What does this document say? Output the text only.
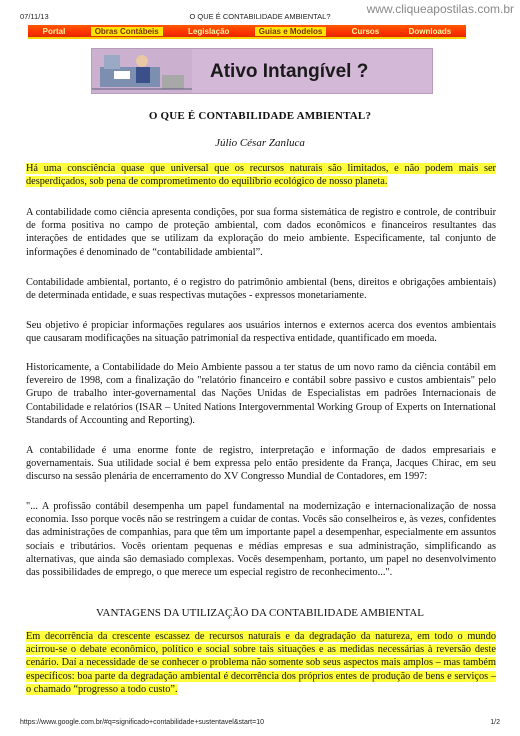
07/11/13	O QUE É CONTABILIDADE AMBIENTAL?
www.cliqueapostilas.com.br
Portal	Obras Contábeis	Legislação	Guias e Modelos	Cursos	Downloads
Ativo Intangível ?
O QUE É CONTABILIDADE AMBIENTAL?
Júlio César Zanluca

Há uma consciência quase que universal que os recursos naturais são limitados, e não podem mais ser desperdiçados, sob pena de comprometimento do equilíbrio ecológico de nosso planeta.

A contabilidade como ciência apresenta condições, por sua forma sistemática de registro e controle, de contribuir de forma positiva no campo de proteção ambiental, com dados econômicos e financeiros resultantes das interações de entidades que se utilizam da exploração do meio ambiente. Especificamente, tal conjunto de informações é denominado de “contabilidade ambiental”.

Contabilidade ambiental, portanto, é o registro do patrimônio ambiental (bens, direitos e obrigações ambientais) de determinada entidade, e suas respectivas mutações - expressos monetariamente.

Seu objetivo é propiciar informações regulares aos usuários internos e externos acerca dos eventos ambientais que causaram modificações na situação patrimonial da respectiva entidade, quantificado em moeda.

Historicamente, a Contabilidade do Meio Ambiente passou a ter status de um novo ramo da ciência contábil em fevereiro de 1998, com a finalização do "relatório financeiro e contábil sobre passivo e custos ambientais" pelo Grupo de trabalho inter-governamental das Nações Unidas de Especialistas em padrões Internacionais de Contabilidade e relatórios (ISAR – United Nations Intergovernmental Working Group of Experts on International Standards of Accounting and Reporting).

A contabilidade é uma enorme fonte de registro, interpretação e informação de dados empresariais e governamentais. Sua utilidade social é bem expressa pelo então presidente da França, Jacques Chirac, em seu discurso na sessão plenária de encerramento do XV Congresso Mundial de Contadores, em 1997:

"... A profissão contábil desempenha um papel fundamental na modernização e internacionalização de nossa economia. Isso porque vocês não se restringem a cuidar de contas. Vocês são conselheiros e, às vezes, confidentes das administrações de companhias, para que têm um importante papel a desempenhar, especialmente em assuntos sociais e tributários. Vocês orientam pequenas e médias empresas e sua administração, simplificando as alternativas, que ainda são demasiado complexas. Vocês desempenham, portanto, um papel no desenvolvimento das possibilidades de emprego, o que merece um especial registro de reconhecimento...".

VANTAGENS DA UTILIZAÇÃO DA CONTABILIDADE AMBIENTAL

Em decorrência da crescente escassez de recursos naturais e da degradação da natureza, em todo o mundo acirrou-se o debate econômico, político e social sobre tais situações e as medidas necessárias à reversão deste cenário. Daí a necessidade de se conhecer o problema não somente sob seus aspectos mais amplos – mas também específicos: boa parte da degradação ambiental é decorrência dos próprios entes de produção de bens e serviços – o chamado “progresso a todo custo”.

https://www.google.com.br/#q=significado+contabilidade+sustentavel&start=10	1/2
